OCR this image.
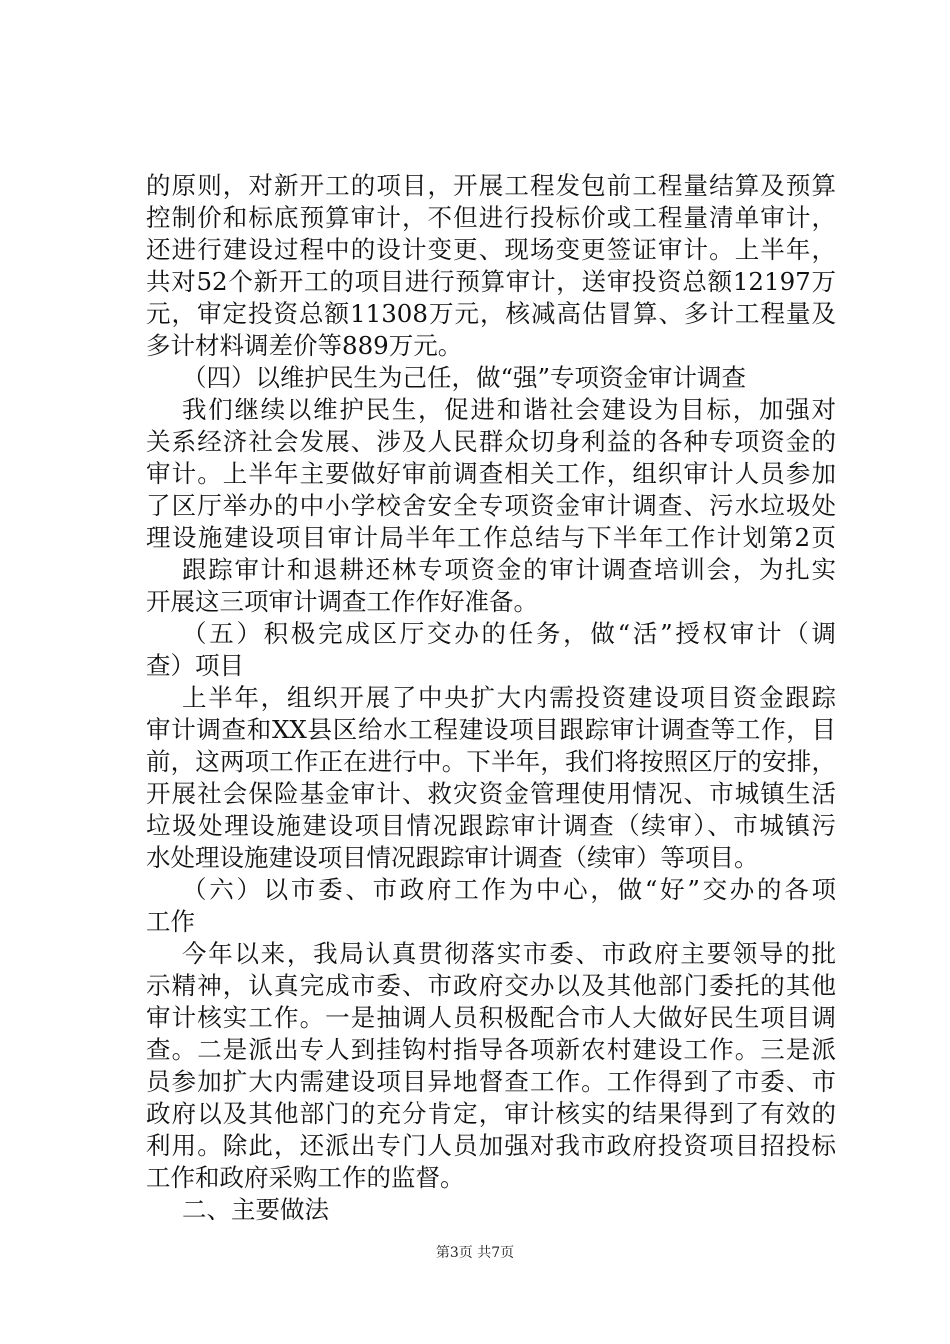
的原则，对新开工的项目，开展工程发包前工程量结算及预算
控制价和标底预算审计，不但进行投标价或工程量清单审计，
还进行建设过程中的设计变更、现场变更签证审计。上半年，
共对52个新开工的项目进行预算审计，送审投资总额12197万
元，审定投资总额11308万元，核减高估冒算、多计工程量及
多计材料调差价等889万元。
（四）以维护民生为己任，做“强”专项资金审计调查
我们继续以维护民生，促进和谐社会建设为目标，加强对
关系经济社会发展、涉及人民群众切身利益的各种专项资金的
审计。上半年主要做好审前调查相关工作，组织审计人员参加
了区厅举办的中小学校舍安全专项资金审计调查、污水垃圾处
理设施建设项目审计局半年工作总结与下半年工作计划第2页
跟踪审计和退耕还林专项资金的审计调查培训会，为扎实
开展这三项审计调查工作作好准备。
（五）积极完成区厅交办的任务，做“活”授权审计（调
查）项目
上半年，组织开展了中央扩大内需投资建设项目资金跟踪
审计调查和XX县区给水工程建设项目跟踪审计调查等工作，目
前，这两项工作正在进行中。下半年，我们将按照区厅的安排，
开展社会保险基金审计、救灾资金管理使用情况、市城镇生活
垃圾处理设施建设项目情况跟踪审计调查（续审）、市城镇污
水处理设施建设项目情况跟踪审计调查（续审）等项目。
（六）以市委、市政府工作为中心，做“好”交办的各项
工作
今年以来，我局认真贯彻落实市委、市政府主要领导的批
示精神，认真完成市委、市政府交办以及其他部门委托的其他
审计核实工作。一是抽调人员积极配合市人大做好民生项目调
查。二是派出专人到挂钩村指导各项新农村建设工作。三是派
员参加扩大内需建设项目异地督查工作。工作得到了市委、市
政府以及其他部门的充分肯定，审计核实的结果得到了有效的
利用。除此，还派出专门人员加强对我市政府投资项目招投标
工作和政府采购工作的监督。
二、主要做法
第3页 共7页
